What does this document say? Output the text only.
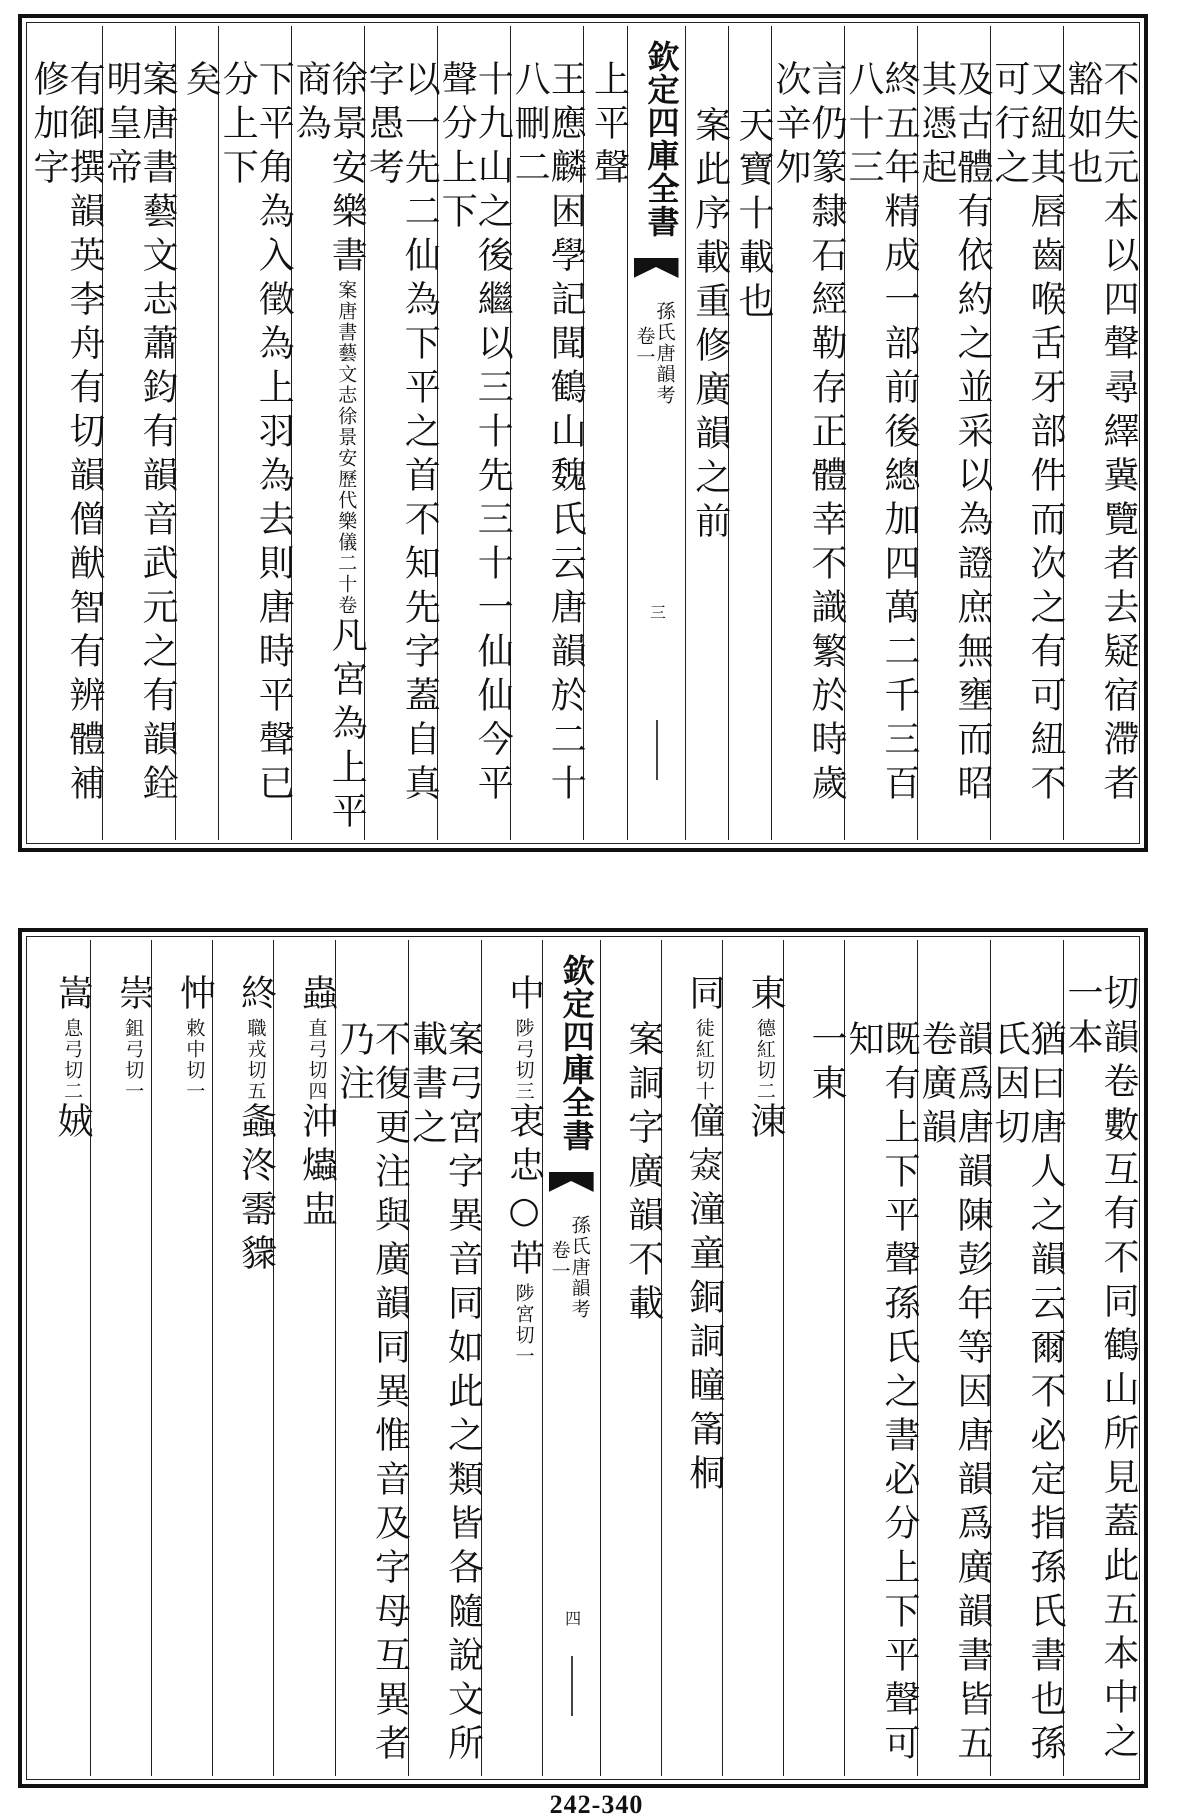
不失元本以四聲尋繹冀覽者去疑宿滯者豁如也
又紐其唇齒喉舌牙部件而次之有可紐不可行之
及古體有依約之並采以為證庶無壅而昭其憑起
終五年精成一部前後總加四萬二千三百八十三
言仍篆隸石經勒存正體幸不識繁於時歲次辛夘
天寶十載也
案此序載重修廣韻之前
欽定四庫全書
孫氏唐韻考
卷一
三
上平聲
王應麟困學記聞鶴山魏氏云唐韻於二十八刪二
十九山之後繼以三十先三十一仙仙今平聲分上下
以一先二仙為下平之首不知先字蓋自真字愚考
徐景安樂書案唐書藝文志徐景安歷代樂儀二十卷凡宮為上平商為
下平角為入徵為上羽為去則唐時平聲已分上下
矣
案唐書藝文志蕭鈞有韻音武元之有韻銓明皇帝
有御撰韻英李舟有切韻僧猷智有辨體補修加字
切韻卷數互有不同鶴山所見蓋此五本中之一本
猶曰唐人之韻云爾不必定指孫氏書也孫氏因切
韻爲唐韻陳彭年等因唐韻爲廣韻書皆五卷廣韻
既有上下平聲孫氏之書必分上下平聲可知
一東
東德紅切二涷
同徒紅切十僮𡪱潼童銅詷瞳筩桐
案詷字廣韻不載
欽定四庫全書
孫氏唐韻考
卷一
四
中陟弓切三衷忠○𦬕陟宮切一
案弓宮字異音同如此之類皆各隨說文所載書之
不復更注與廣韻同異惟音及字母互異者乃注
蟲直弓切四沖爞盅
終職戎切五螽泈𩃤䝦
忡敕中切一
崇鉏弓切一
嵩息弓切二娀
242-340
